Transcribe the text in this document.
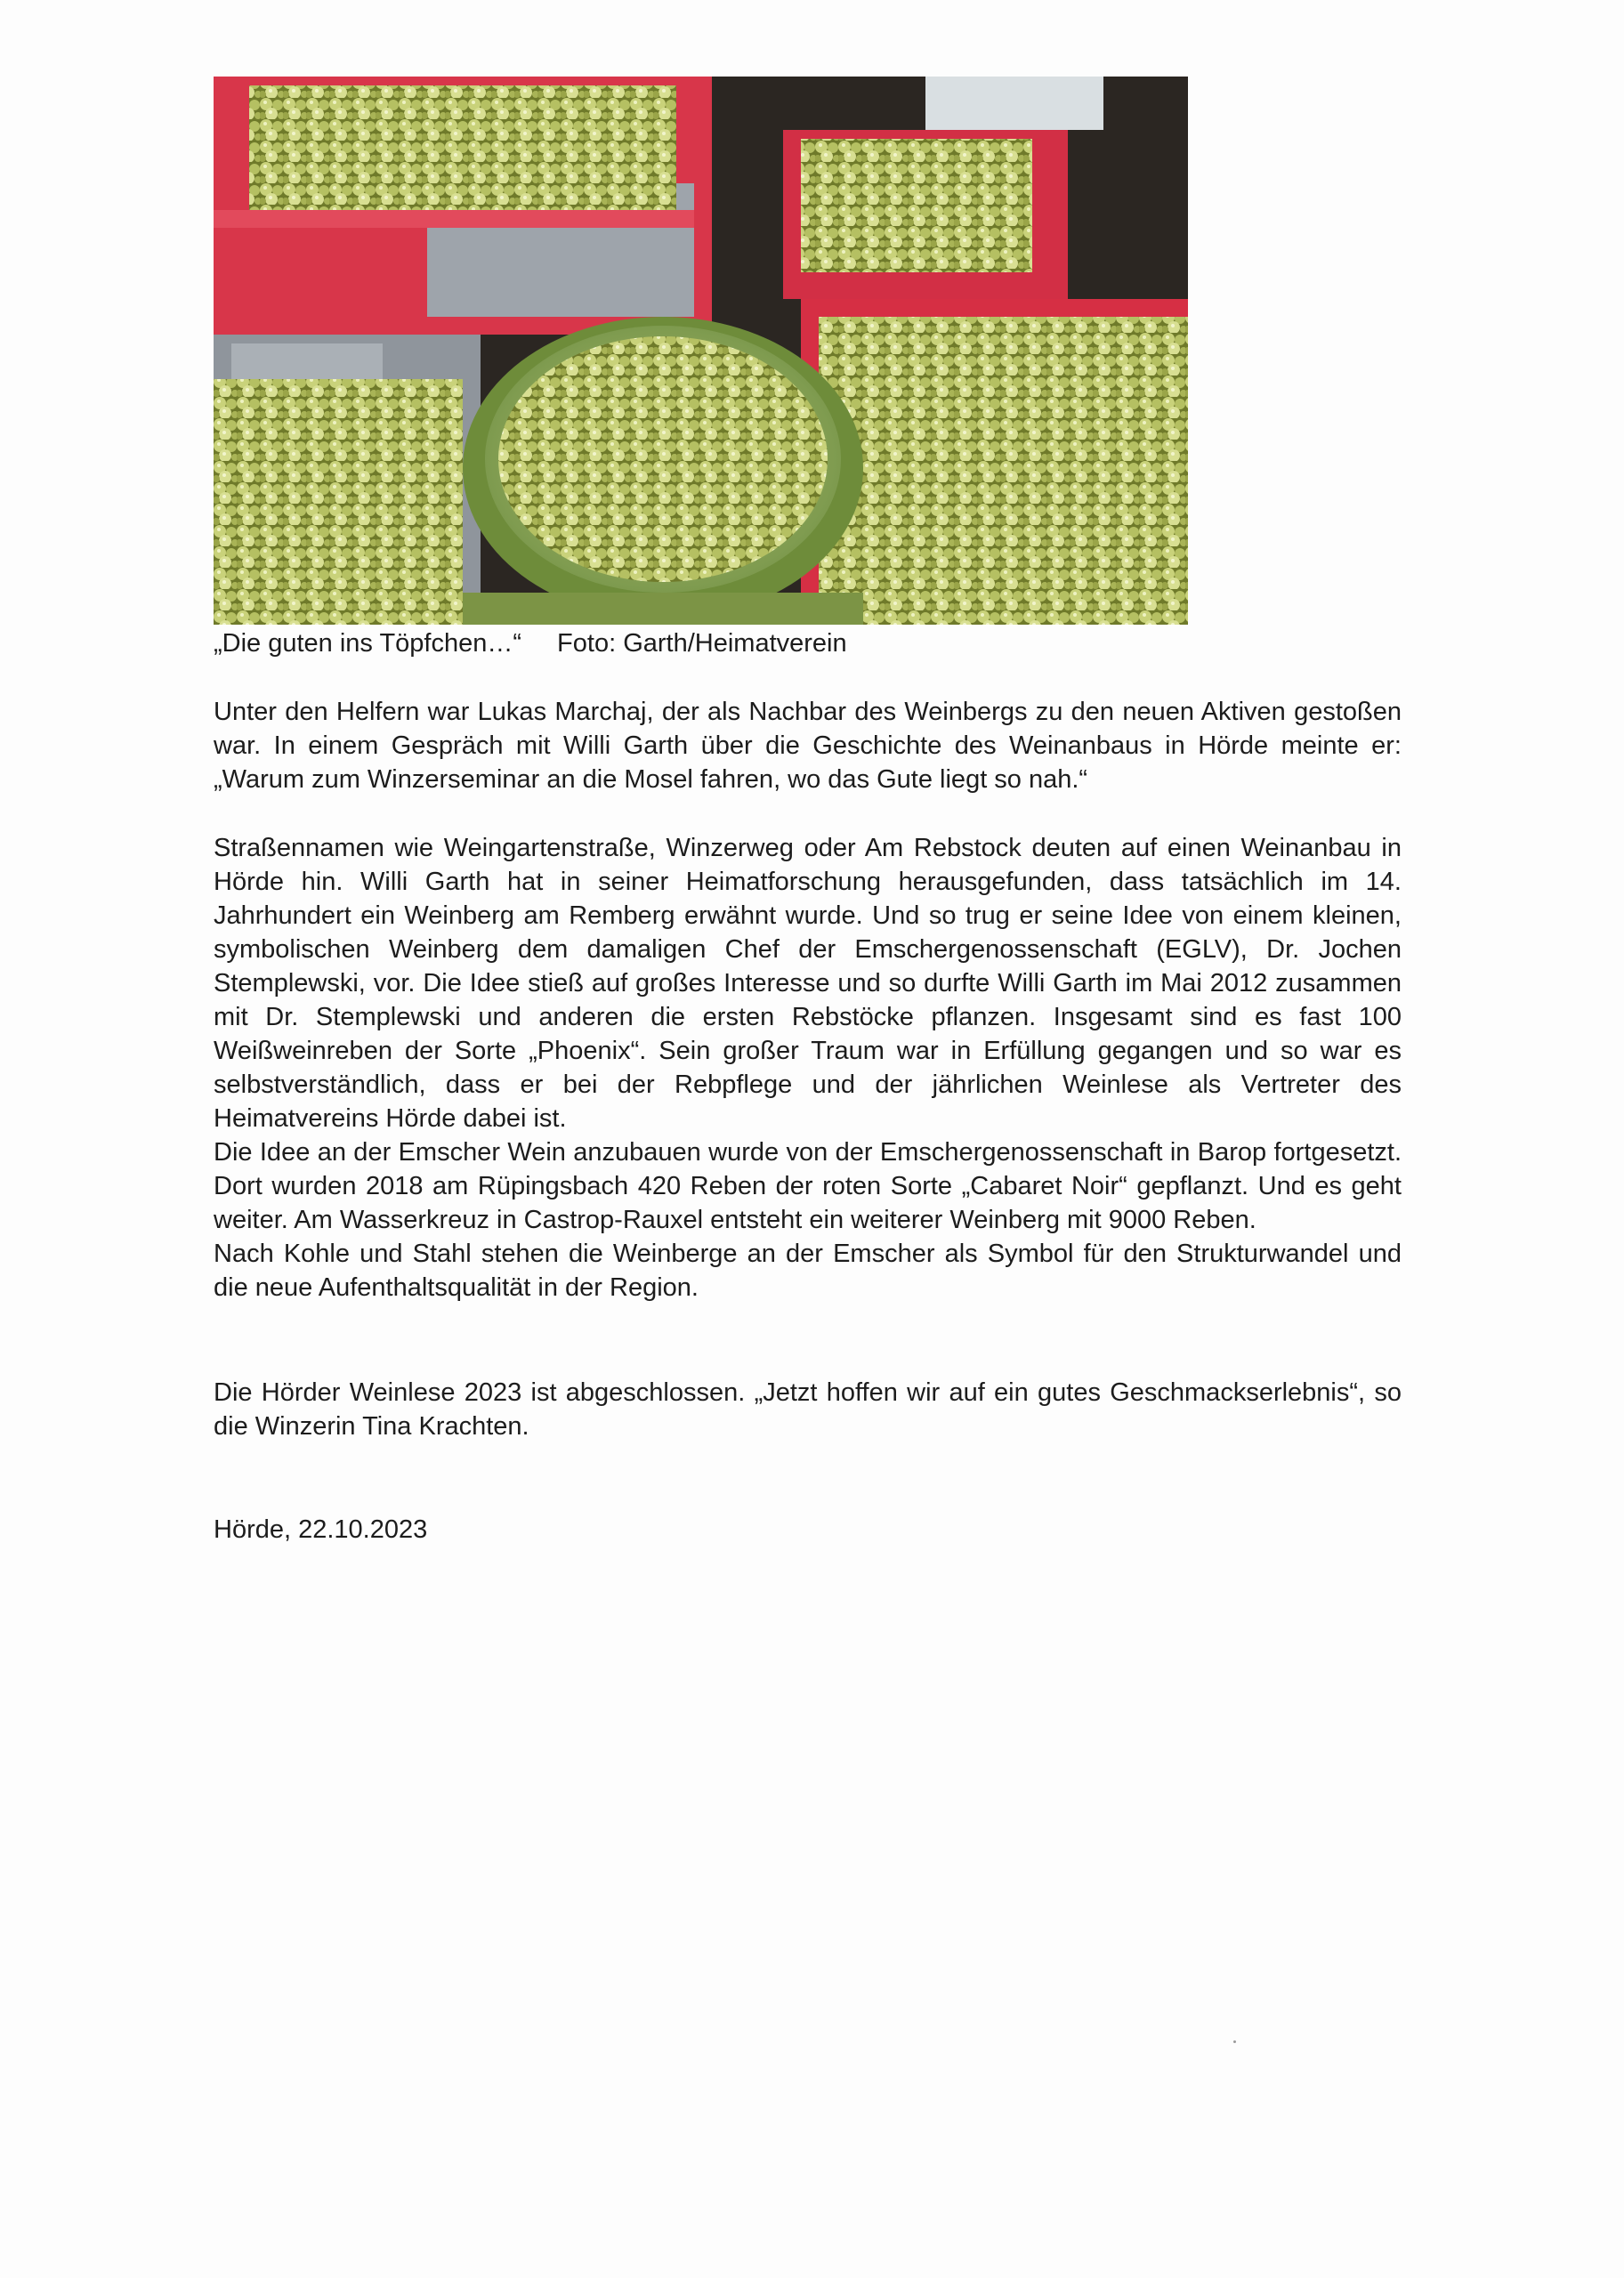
„Die guten ins Töpfchen…“ Foto: Garth/Heimatverein

Unter den Helfern war Lukas Marchaj, der als Nachbar des Weinbergs zu den neuen Aktiven gestoßen war. In einem Gespräch mit Willi Garth über die Geschichte des Weinanbaus in Hörde meinte er: „Warum zum Winzerseminar an die Mosel fahren, wo das Gute liegt so nah.“

Straßennamen wie Weingartenstraße, Winzerweg oder Am Rebstock deuten auf einen Weinanbau in Hörde hin. Willi Garth hat in seiner Heimatforschung herausgefunden, dass tatsächlich im 14. Jahrhundert ein Weinberg am Remberg erwähnt wurde. Und so trug er seine Idee von einem kleinen, symbolischen Weinberg dem damaligen Chef der Emschergenossenschaft (EGLV), Dr. Jochen Stemplewski, vor. Die Idee stieß auf großes Interesse und so durfte Willi Garth im Mai 2012 zusammen mit Dr. Stemplewski und anderen die ersten Rebstöcke pflanzen. Insgesamt sind es fast 100 Weißweinreben der Sorte „Phoenix“. Sein großer Traum war in Erfüllung gegangen und so war es selbstverständlich, dass er bei der Rebpflege und der jährlichen Weinlese als Vertreter des Heimatvereins Hörde dabei ist.

Die Idee an der Emscher Wein anzubauen wurde von der Emschergenossenschaft in Barop fortgesetzt. Dort wurden 2018 am Rüpingsbach 420 Reben der roten Sorte „Cabaret Noir“ gepflanzt. Und es geht weiter. Am Wasserkreuz in Castrop-Rauxel entsteht ein weiterer Weinberg mit 9000 Reben.

Nach Kohle und Stahl stehen die Weinberge an der Emscher als Symbol für den Strukturwandel und die neue Aufenthaltsqualität in der Region.

Die Hörder Weinlese 2023 ist abgeschlossen. „Jetzt hoffen wir auf ein gutes Geschmackserlebnis“, so die Winzerin Tina Krachten.

Hörde, 22.10.2023
